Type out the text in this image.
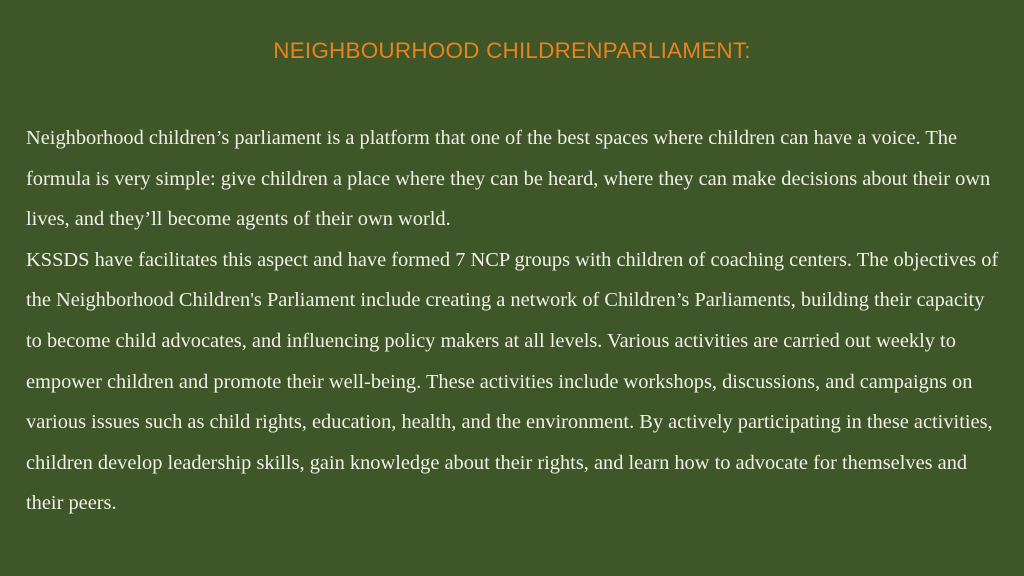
NEIGHBOURHOOD CHILDRENPARLIAMENT:

Neighborhood children’s parliament is a platform that one of the best spaces where children can have a voice. The formula is very simple: give children a place where they can be heard, where they can make decisions about their own lives, and they’ll become agents of their own world.

KSSDS have facilitates this aspect and have formed 7 NCP groups with children of coaching centers. The objectives of the Neighborhood Children's Parliament include creating a network of Children’s Parliaments, building their capacity to become child advocates, and influencing policy makers at all levels. Various activities are carried out weekly to empower children and promote their well-being. These activities include workshops, discussions, and campaigns on various issues such as child rights, education, health, and the environment. By actively participating in these activities, children develop leadership skills, gain knowledge about their rights, and learn how to advocate for themselves and their peers.
